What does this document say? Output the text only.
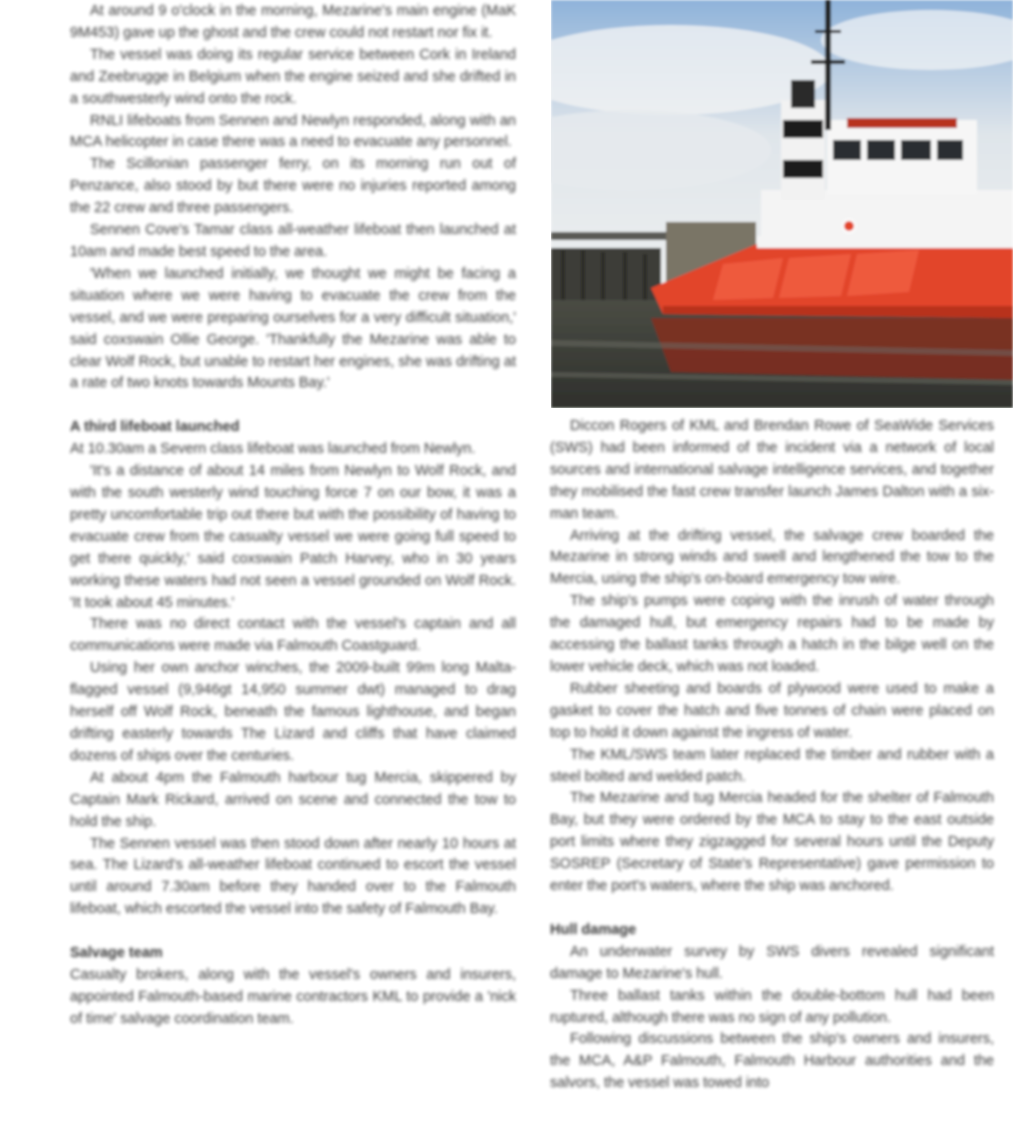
At around 9 o'clock in the morning, Mezarine's main engine (MaK 9M453) gave up the ghost and the crew could not restart nor fix it.

The vessel was doing its regular service between Cork in Ireland and Zeebrugge in Belgium when the engine seized and she drifted in a southwesterly wind onto the rock.

RNLI lifeboats from Sennen and Newlyn responded, along with an MCA helicopter in case there was a need to evacuate any personnel.

The Scillonian passenger ferry, on its morning run out of Penzance, also stood by but there were no injuries reported among the 22 crew and three passengers.

Sennen Cove's Tamar class all-weather lifeboat then launched at 10am and made best speed to the area.

'When we launched initially, we thought we might be facing a situation where we were having to evacuate the crew from the vessel, and we were preparing ourselves for a very difficult situation,' said coxswain Ollie George. 'Thankfully the Mezarine was able to clear Wolf Rock, but unable to restart her engines, she was drifting at a rate of two knots towards Mounts Bay.'

A third lifeboat launched

At 10.30am a Severn class lifeboat was launched from Newlyn.

'It's a distance of about 14 miles from Newlyn to Wolf Rock, and with the south westerly wind touching force 7 on our bow, it was a pretty uncomfortable trip out there but with the possibility of having to evacuate crew from the casualty vessel we were going full speed to get there quickly,' said coxswain Patch Harvey, who in 30 years working these waters had not seen a vessel grounded on Wolf Rock. 'It took about 45 minutes.'

There was no direct contact with the vessel's captain and all communications were made via Falmouth Coastguard.

Using her own anchor winches, the 2009-built 99m long Malta-flagged vessel (9,946gt 14,950 summer dwt) managed to drag herself off Wolf Rock, beneath the famous lighthouse, and began drifting easterly towards The Lizard and cliffs that have claimed dozens of ships over the centuries.

At about 4pm the Falmouth harbour tug Mercia, skippered by Captain Mark Rickard, arrived on scene and connected the tow to hold the ship.

The Sennen vessel was then stood down after nearly 10 hours at sea. The Lizard's all-weather lifeboat continued to escort the vessel until around 7.30am before they handed over to the Falmouth lifeboat, which escorted the vessel into the safety of Falmouth Bay.

Salvage team

Casualty brokers, along with the vessel's owners and insurers, appointed Falmouth-based marine contractors KML to provide a 'nick of time' salvage coordination team.

Diccon Rogers of KML and Brendan Rowe of SeaWide Services (SWS) had been informed of the incident via a network of local sources and international salvage intelligence services, and together they mobilised the fast crew transfer launch James Dalton with a six-man team.

Arriving at the drifting vessel, the salvage crew boarded the Mezarine in strong winds and swell and lengthened the tow to the Mercia, using the ship's on-board emergency tow wire.

The ship's pumps were coping with the inrush of water through the damaged hull, but emergency repairs had to be made by accessing the ballast tanks through a hatch in the bilge well on the lower vehicle deck, which was not loaded.

Rubber sheeting and boards of plywood were used to make a gasket to cover the hatch and five tonnes of chain were placed on top to hold it down against the ingress of water.

The KML/SWS team later replaced the timber and rubber with a steel bolted and welded patch.

The Mezarine and tug Mercia headed for the shelter of Falmouth Bay, but they were ordered by the MCA to stay to the east outside port limits where they zigzagged for several hours until the Deputy SOSREP (Secretary of State's Representative) gave permission to enter the port's waters, where the ship was anchored.

Hull damage

An underwater survey by SWS divers revealed significant damage to Mezarine's hull.

Three ballast tanks within the double-bottom hull had been ruptured, although there was no sign of any pollution.

Following discussions between the ship's owners and insurers, the MCA, A&P Falmouth, Falmouth Harbour authorities and the salvors, the vessel was towed into
